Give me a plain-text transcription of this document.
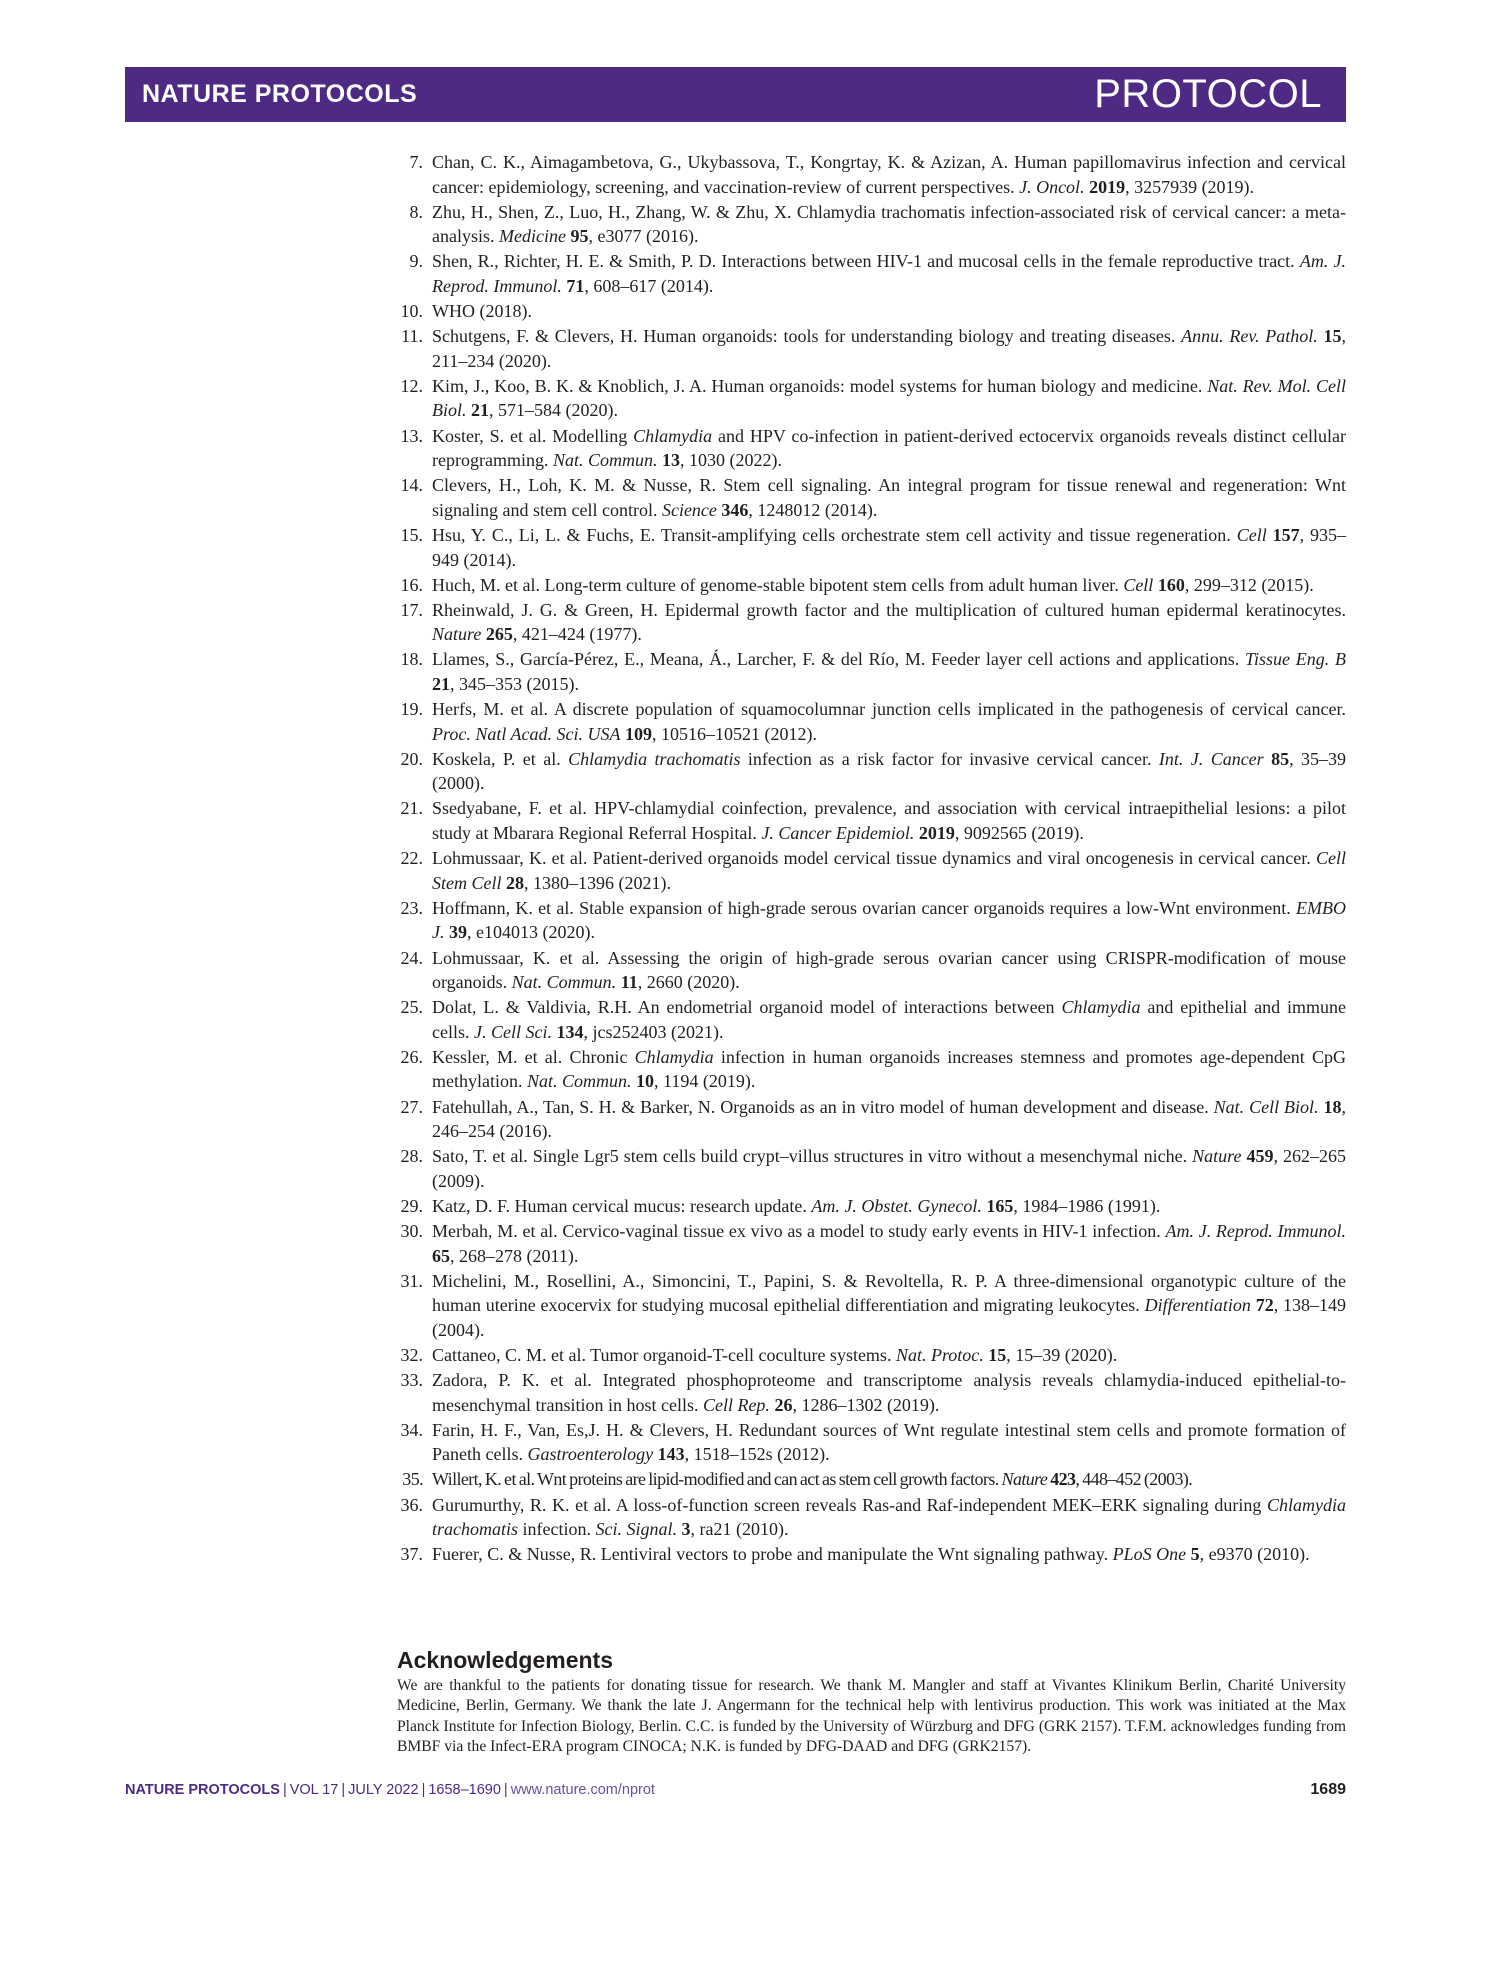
NATURE PROTOCOLS	PROTOCOL
7. Chan, C. K., Aimagambetova, G., Ukybassova, T., Kongrtay, K. & Azizan, A. Human papillomavirus infection and cervical cancer: epidemiology, screening, and vaccination-review of current perspectives. J. Oncol. 2019, 3257939 (2019).
8. Zhu, H., Shen, Z., Luo, H., Zhang, W. & Zhu, X. Chlamydia trachomatis infection-associated risk of cervical cancer: a meta-analysis. Medicine 95, e3077 (2016).
9. Shen, R., Richter, H. E. & Smith, P. D. Interactions between HIV-1 and mucosal cells in the female reproductive tract. Am. J. Reprod. Immunol. 71, 608–617 (2014).
10. WHO (2018).
11. Schutgens, F. & Clevers, H. Human organoids: tools for understanding biology and treating diseases. Annu. Rev. Pathol. 15, 211–234 (2020).
12. Kim, J., Koo, B. K. & Knoblich, J. A. Human organoids: model systems for human biology and medicine. Nat. Rev. Mol. Cell Biol. 21, 571–584 (2020).
13. Koster, S. et al. Modelling Chlamydia and HPV co-infection in patient-derived ectocervix organoids reveals distinct cellular reprogramming. Nat. Commun. 13, 1030 (2022).
14. Clevers, H., Loh, K. M. & Nusse, R. Stem cell signaling. An integral program for tissue renewal and regeneration: Wnt signaling and stem cell control. Science 346, 1248012 (2014).
15. Hsu, Y. C., Li, L. & Fuchs, E. Transit-amplifying cells orchestrate stem cell activity and tissue regeneration. Cell 157, 935–949 (2014).
16. Huch, M. et al. Long-term culture of genome-stable bipotent stem cells from adult human liver. Cell 160, 299–312 (2015).
17. Rheinwald, J. G. & Green, H. Epidermal growth factor and the multiplication of cultured human epidermal keratinocytes. Nature 265, 421–424 (1977).
18. Llames, S., García-Pérez, E., Meana, Á., Larcher, F. & del Río, M. Feeder layer cell actions and applications. Tissue Eng. B 21, 345–353 (2015).
19. Herfs, M. et al. A discrete population of squamocolumnar junction cells implicated in the pathogenesis of cervical cancer. Proc. Natl Acad. Sci. USA 109, 10516–10521 (2012).
20. Koskela, P. et al. Chlamydia trachomatis infection as a risk factor for invasive cervical cancer. Int. J. Cancer 85, 35–39 (2000).
21. Ssedyabane, F. et al. HPV-chlamydial coinfection, prevalence, and association with cervical intraepithelial lesions: a pilot study at Mbarara Regional Referral Hospital. J. Cancer Epidemiol. 2019, 9092565 (2019).
22. Lohmussaar, K. et al. Patient-derived organoids model cervical tissue dynamics and viral oncogenesis in cervical cancer. Cell Stem Cell 28, 1380–1396 (2021).
23. Hoffmann, K. et al. Stable expansion of high-grade serous ovarian cancer organoids requires a low-Wnt environment. EMBO J. 39, e104013 (2020).
24. Lohmussaar, K. et al. Assessing the origin of high-grade serous ovarian cancer using CRISPR-modification of mouse organoids. Nat. Commun. 11, 2660 (2020).
25. Dolat, L. & Valdivia, R.H. An endometrial organoid model of interactions between Chlamydia and epithelial and immune cells. J. Cell Sci. 134, jcs252403 (2021).
26. Kessler, M. et al. Chronic Chlamydia infection in human organoids increases stemness and promotes age-dependent CpG methylation. Nat. Commun. 10, 1194 (2019).
27. Fatehullah, A., Tan, S. H. & Barker, N. Organoids as an in vitro model of human development and disease. Nat. Cell Biol. 18, 246–254 (2016).
28. Sato, T. et al. Single Lgr5 stem cells build crypt–villus structures in vitro without a mesenchymal niche. Nature 459, 262–265 (2009).
29. Katz, D. F. Human cervical mucus: research update. Am. J. Obstet. Gynecol. 165, 1984–1986 (1991).
30. Merbah, M. et al. Cervico-vaginal tissue ex vivo as a model to study early events in HIV-1 infection. Am. J. Reprod. Immunol. 65, 268–278 (2011).
31. Michelini, M., Rosellini, A., Simoncini, T., Papini, S. & Revoltella, R. P. A three-dimensional organotypic culture of the human uterine exocervix for studying mucosal epithelial differentiation and migrating leukocytes. Differentiation 72, 138–149 (2004).
32. Cattaneo, C. M. et al. Tumor organoid-T-cell coculture systems. Nat. Protoc. 15, 15–39 (2020).
33. Zadora, P. K. et al. Integrated phosphoproteome and transcriptome analysis reveals chlamydia-induced epithelial-to-mesenchymal transition in host cells. Cell Rep. 26, 1286–1302 (2019).
34. Farin, H. F., Van, Es,J. H. & Clevers, H. Redundant sources of Wnt regulate intestinal stem cells and promote formation of Paneth cells. Gastroenterology 143, 1518–152s (2012).
35. Willert, K. et al. Wnt proteins are lipid-modified and can act as stem cell growth factors. Nature 423, 448–452 (2003).
36. Gurumurthy, R. K. et al. A loss-of-function screen reveals Ras-and Raf-independent MEK–ERK signaling during Chlamydia trachomatis infection. Sci. Signal. 3, ra21 (2010).
37. Fuerer, C. & Nusse, R. Lentiviral vectors to probe and manipulate the Wnt signaling pathway. PLoS One 5, e9370 (2010).
Acknowledgements

We are thankful to the patients for donating tissue for research. We thank M. Mangler and staff at Vivantes Klinikum Berlin, Charité University Medicine, Berlin, Germany. We thank the late J. Angermann for the technical help with lentivirus production. This work was initiated at the Max Planck Institute for Infection Biology, Berlin. C.C. is funded by the University of Würzburg and DFG (GRK 2157). T.F.M. acknowledges funding from BMBF via the Infect-ERA program CINOCA; N.K. is funded by DFG-DAAD and DFG (GRK2157).

NATURE PROTOCOLS | VOL 17 | JULY 2022 | 1658–1690 | www.nature.com/nprot	1689
